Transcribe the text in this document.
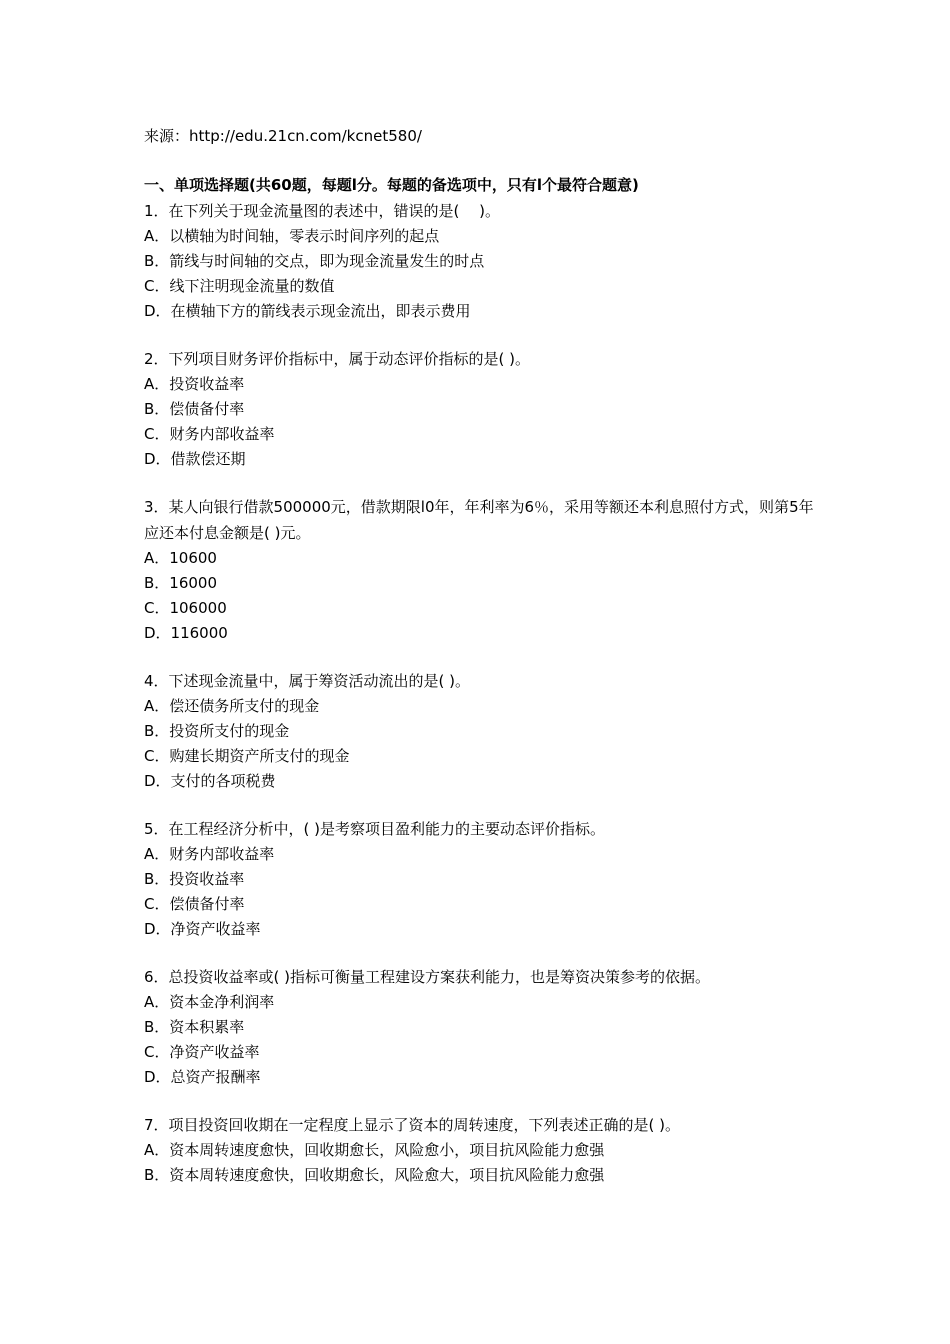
来源：http://edu.21cn.com/kcnet580/
一、单项选择题(共60题，每题l分。每题的备选项中，只有l个最符合题意)

1．在下列关于现金流量图的表述中，错误的是(　 )。

A．以横轴为时间轴，零表示时间序列的起点
B．箭线与时间轴的交点，即为现金流量发生的时点
C．线下注明现金流量的数值
D．在横轴下方的箭线表示现金流出，即表示费用

2．下列项目财务评价指标中，属于动态评价指标的是( )。

A．投资收益率
B．偿债备付率
C．财务内部收益率
D．借款偿还期

3．某人向银行借款500000元，借款期限l0年，年利率为6％，采用等额还本利息照付方式，则第5年应还本付息金额是( )元。

A．10600
B．16000
C．106000
D．116000

4．下述现金流量中，属于筹资活动流出的是( )。

A．偿还债务所支付的现金
B．投资所支付的现金
C．购建长期资产所支付的现金
D．支付的各项税费

5．在工程经济分析中，( )是考察项目盈利能力的主要动态评价指标。

A．财务内部收益率
B．投资收益率
C．偿债备付率
D．净资产收益率

6．总投资收益率或( )指标可衡量工程建设方案获利能力，也是筹资决策参考的依据。

A．资本金净利润率
B．资本积累率
C．净资产收益率
D．总资产报酬率

7．项目投资回收期在一定程度上显示了资本的周转速度，下列表述正确的是( )。

A．资本周转速度愈快，回收期愈长，风险愈小，项目抗风险能力愈强
B．资本周转速度愈快，回收期愈长，风险愈大，项目抗风险能力愈强
